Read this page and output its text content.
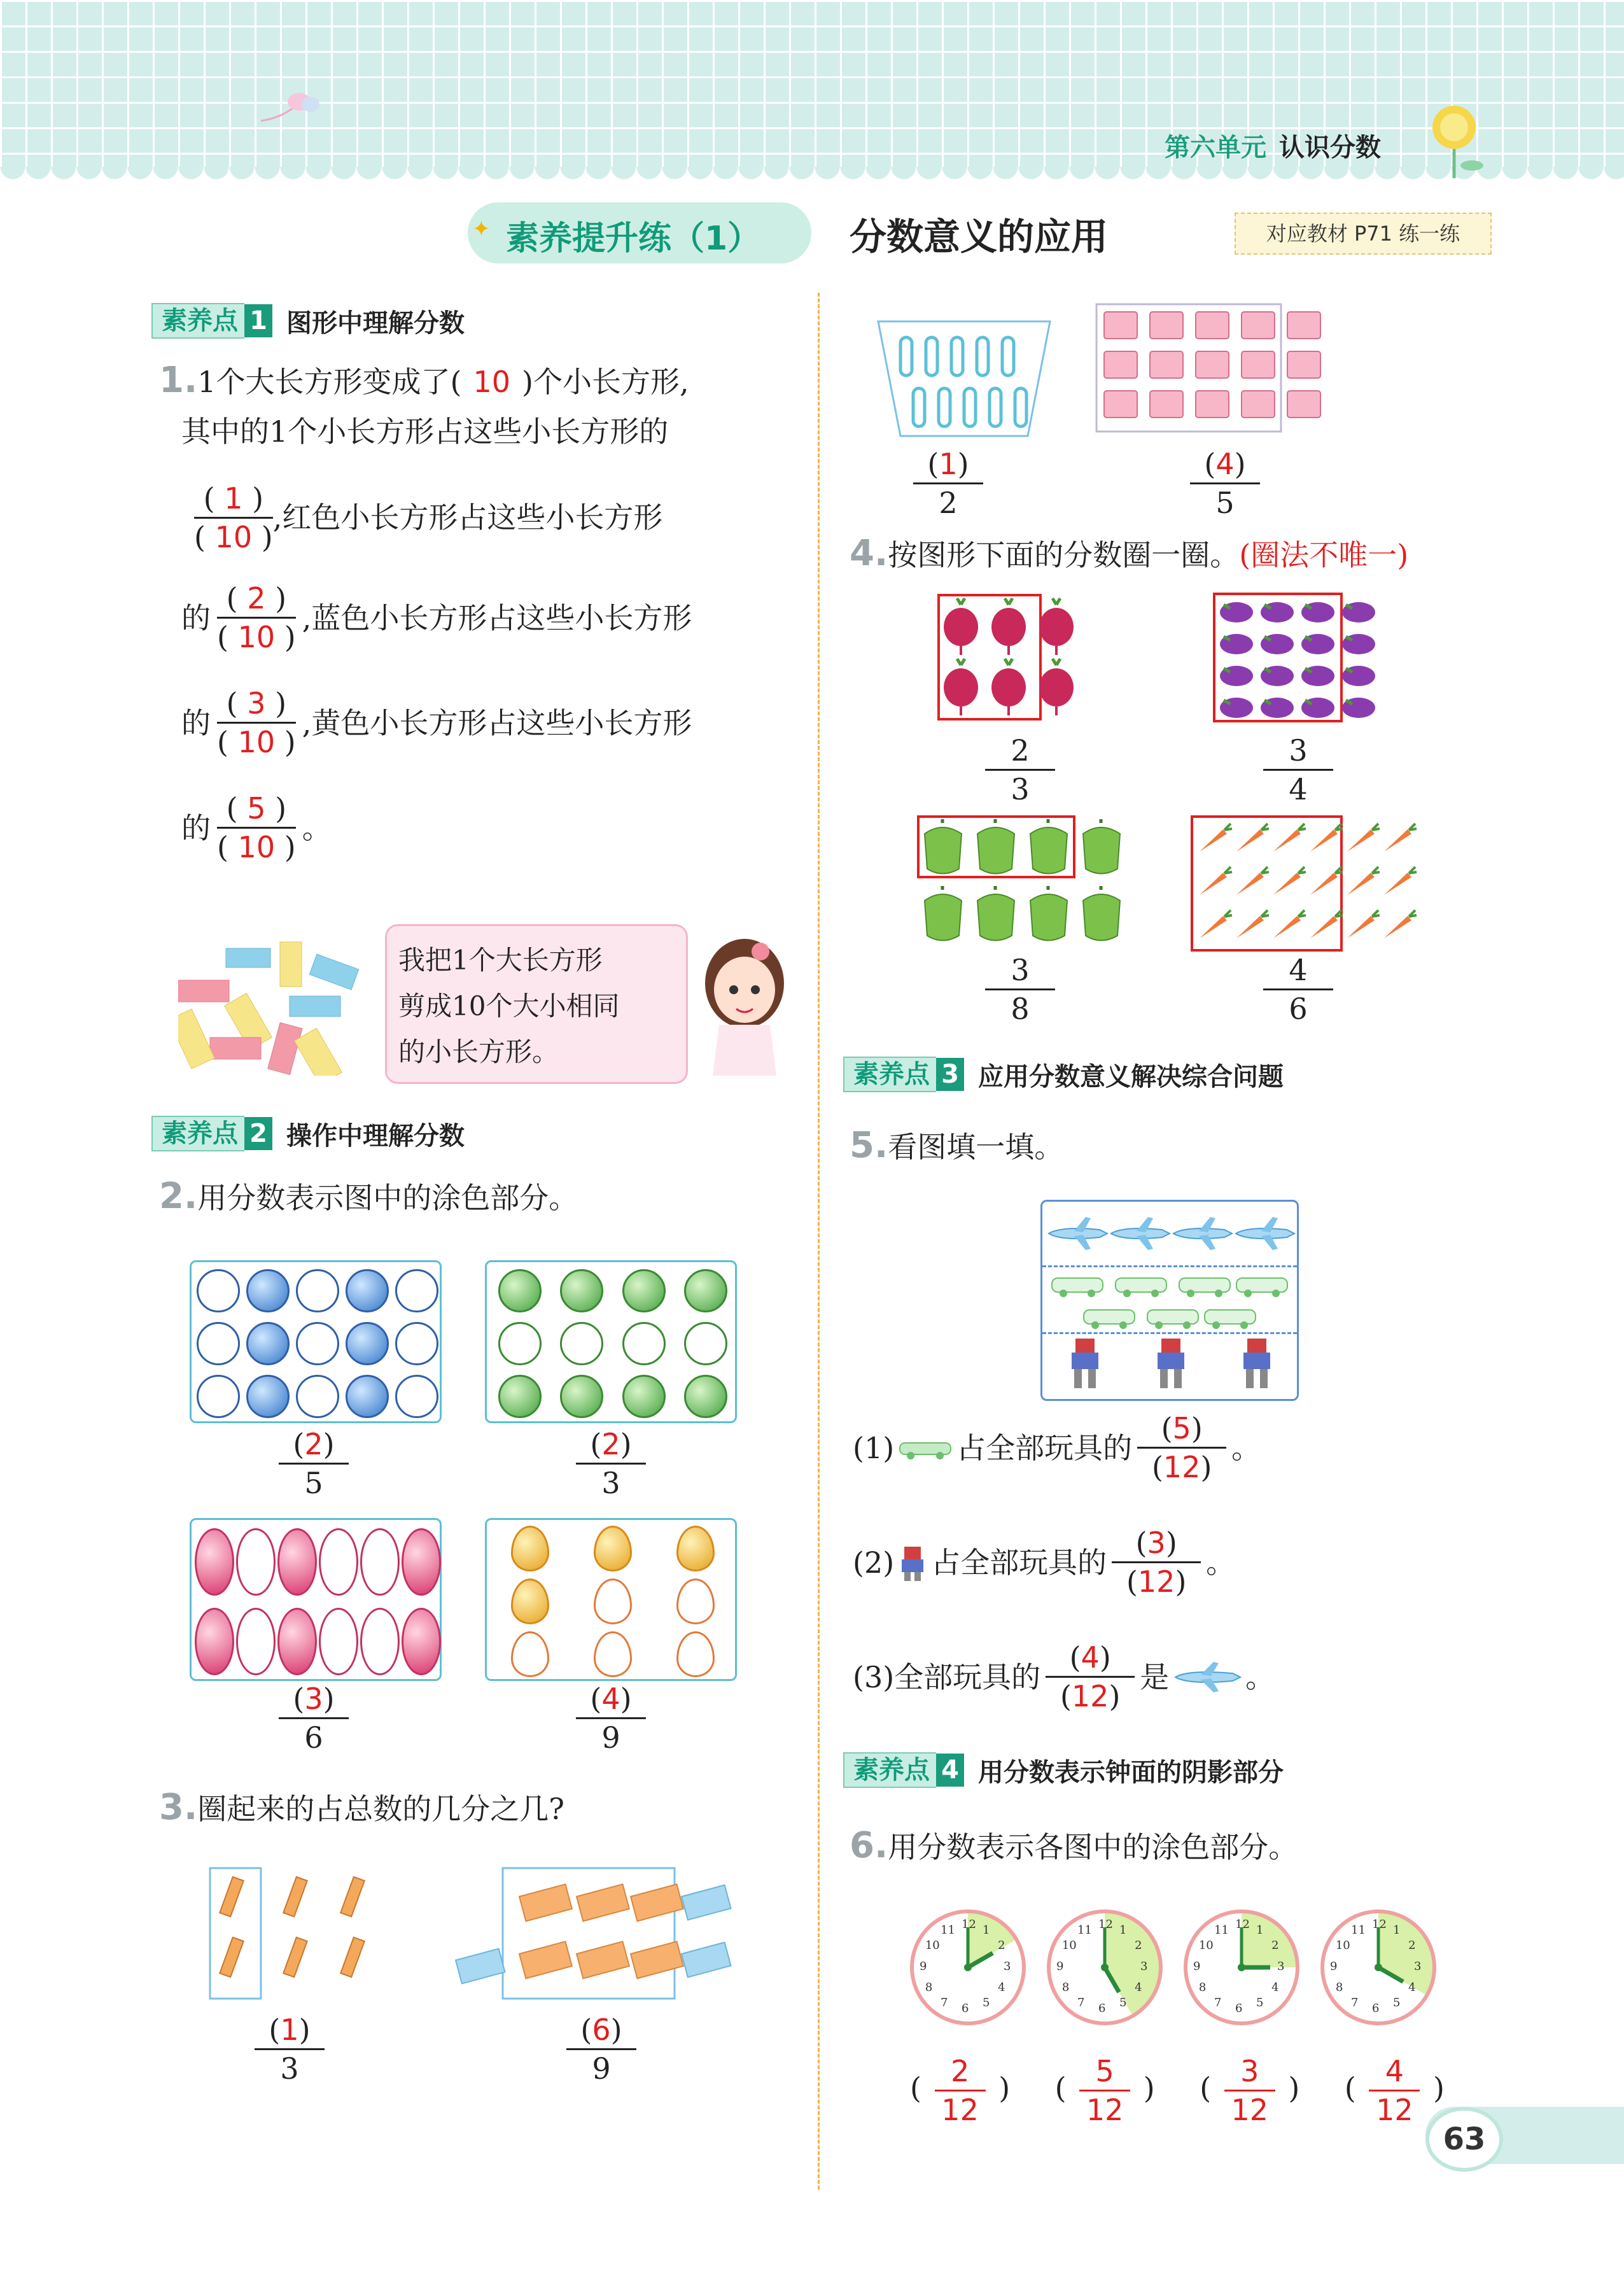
第六单元 认识分数
素养提升练（1）
✦	分数意义的应用	对应教材 P71 练一练
素养点 1 图形中理解分数
1.1个大长方形变成了( 10 )个小长方形,
其中的1个小长方形占这些小长方形的
$\frac{( 1 )}{( 10 )}$ ,红色小长方形占这些小长方形
的 $\frac{( 2 )}{( 10 )}$ ,蓝色小长方形占这些小长方形
的 $\frac{( 3 )}{( 10 )}$ ,黄色小长方形占这些小长方形
的 $\frac{( 5 )}{( 10 )}$ 。
我把1个大长方形
剪成10个大小相同
的小长方形。
素养点 2 操作中理解分数
2.用分数表示图中的涂色部分。
$\frac{(2)}{5}$	$\frac{(2)}{3}$
$\frac{(3)}{6}$	$\frac{(4)}{9}$
3.圈起来的占总数的几分之几?
$\frac{(1)}{3}$	$\frac{(6)}{9}$
$\frac{(1)}{2}$	$\frac{(4)}{5}$
4.按图形下面的分数圈一圈。(圈法不唯一)
$\frac{2}{3}$	$\frac{3}{4}$
$\frac{3}{8}$	$\frac{4}{6}$
素养点 3 应用分数意义解决综合问题
5.看图填一填。
(1) 占全部玩具的 $\frac{(5)}{(12)}$ 。
(2) 占全部玩具的 $\frac{(3)}{(12)}$ 。
(3) 全部玩具的 $\frac{(4)}{(12)}$ 是	。
素养点 4 用分数表示钟面的阴影部分
6.用分数表示各图中的涂色部分。
1
2
3
4
5
6
7
8
9
10
11 12	1
2
3
4
5
6
7
8
9
10
11 12	1
2
3
4
5
6
7
8
9
10
11 12	1
2
3
4
5
6
7
8
9
10
11 12
( $\frac{2}{12}$ ) ( $\frac{5}{12}$ ) ( $\frac{3}{12}$ ) ( $\frac{4}{12}$ )
63
